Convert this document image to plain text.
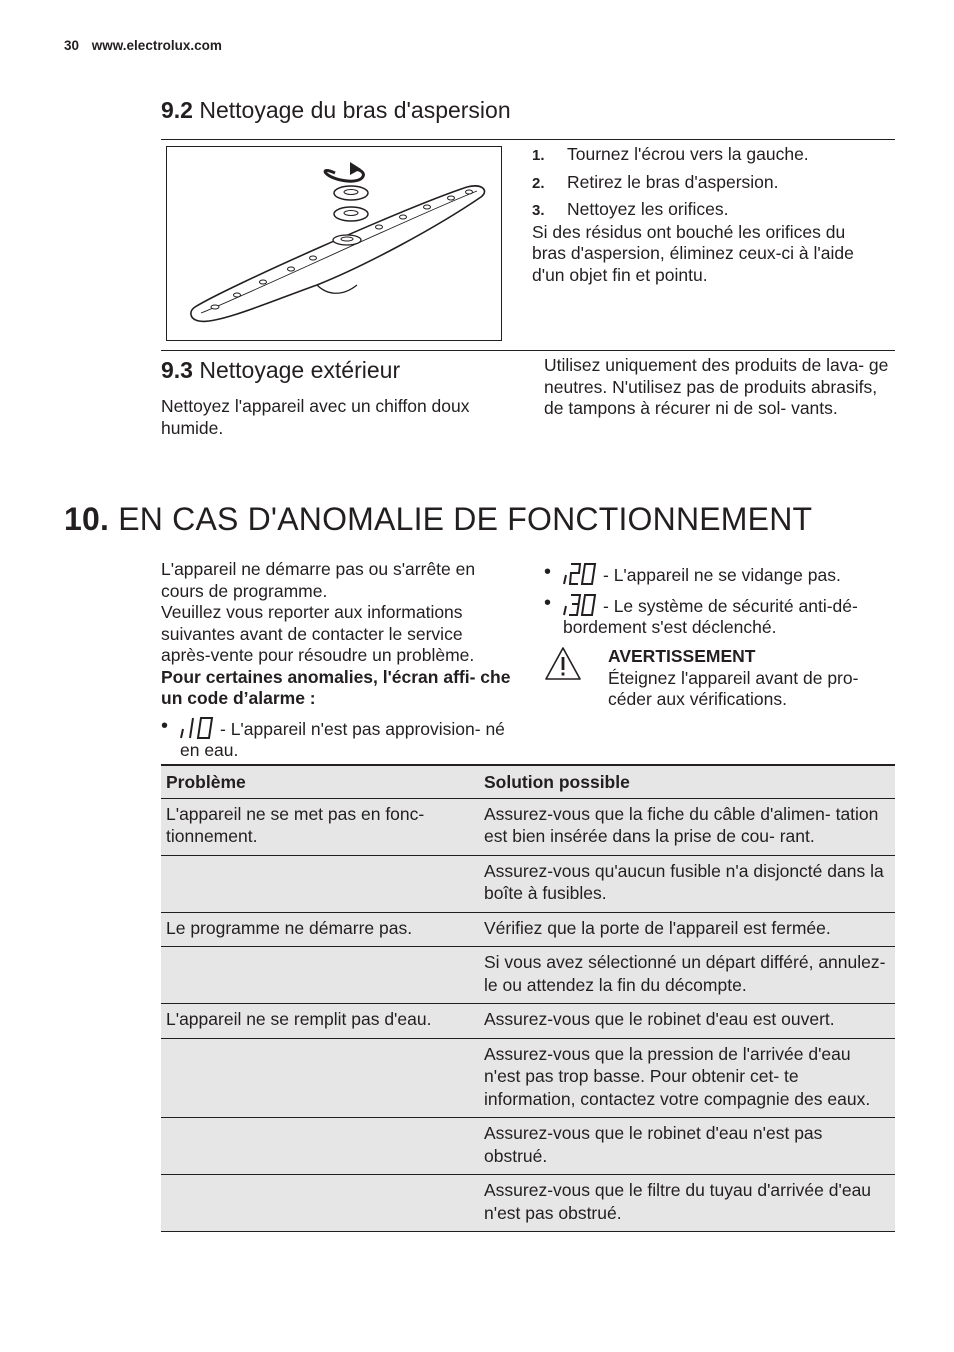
30 www.electrolux.com
9.2 Nettoyage du bras d'aspersion
1.	Tournez l'écrou vers la gauche.
2.	Retirez le bras d'aspersion.
3.	Nettoyez les orifices.
Si des résidus ont bouché les orifices du bras d'aspersion, éliminez ceux-ci à l'aide d'un objet fin et pointu.
9.3 Nettoyage extérieur
Nettoyez l'appareil avec un chiffon doux humide.
Utilisez uniquement des produits de lava- ge neutres. N'utilisez pas de produits abrasifs, de tampons à récurer ni de sol- vants.
10. EN CAS D'ANOMALIE DE FONCTIONNEMENT
L'appareil ne démarre pas ou s'arrête en cours de programme.
Veuillez vous reporter aux informations suivantes avant de contacter le service après-vente pour résoudre un problème.
Pour certaines anomalies, l'écran affi- che un code d’alarme :
•	- L'appareil n'est pas approvision- né en eau.
•	- L'appareil ne se vidange pas.
•	- Le système de sécurité anti-dé- bordement s'est déclenché.
AVERTISSEMENT
Éteignez l'appareil avant de pro- céder aux vérifications.
Problème	Solution possible
L'appareil ne se met pas en fonc- tionnement.	Assurez-vous que la fiche du câble d'alimen- tation est bien insérée dans la prise de cou- rant.
	Assurez-vous qu'aucun fusible n'a disjoncté dans la boîte à fusibles.
Le programme ne démarre pas.	Vérifiez que la porte de l'appareil est fermée.
	Si vous avez sélectionné un départ différé, annulez-le ou attendez la fin du décompte.
L'appareil ne se remplit pas d'eau.	Assurez-vous que le robinet d'eau est ouvert.
	Assurez-vous que la pression de l'arrivée d'eau n'est pas trop basse. Pour obtenir cet- te information, contactez votre compagnie des eaux.
	Assurez-vous que le robinet d'eau n'est pas obstrué.
	Assurez-vous que le filtre du tuyau d'arrivée d'eau n'est pas obstrué.
